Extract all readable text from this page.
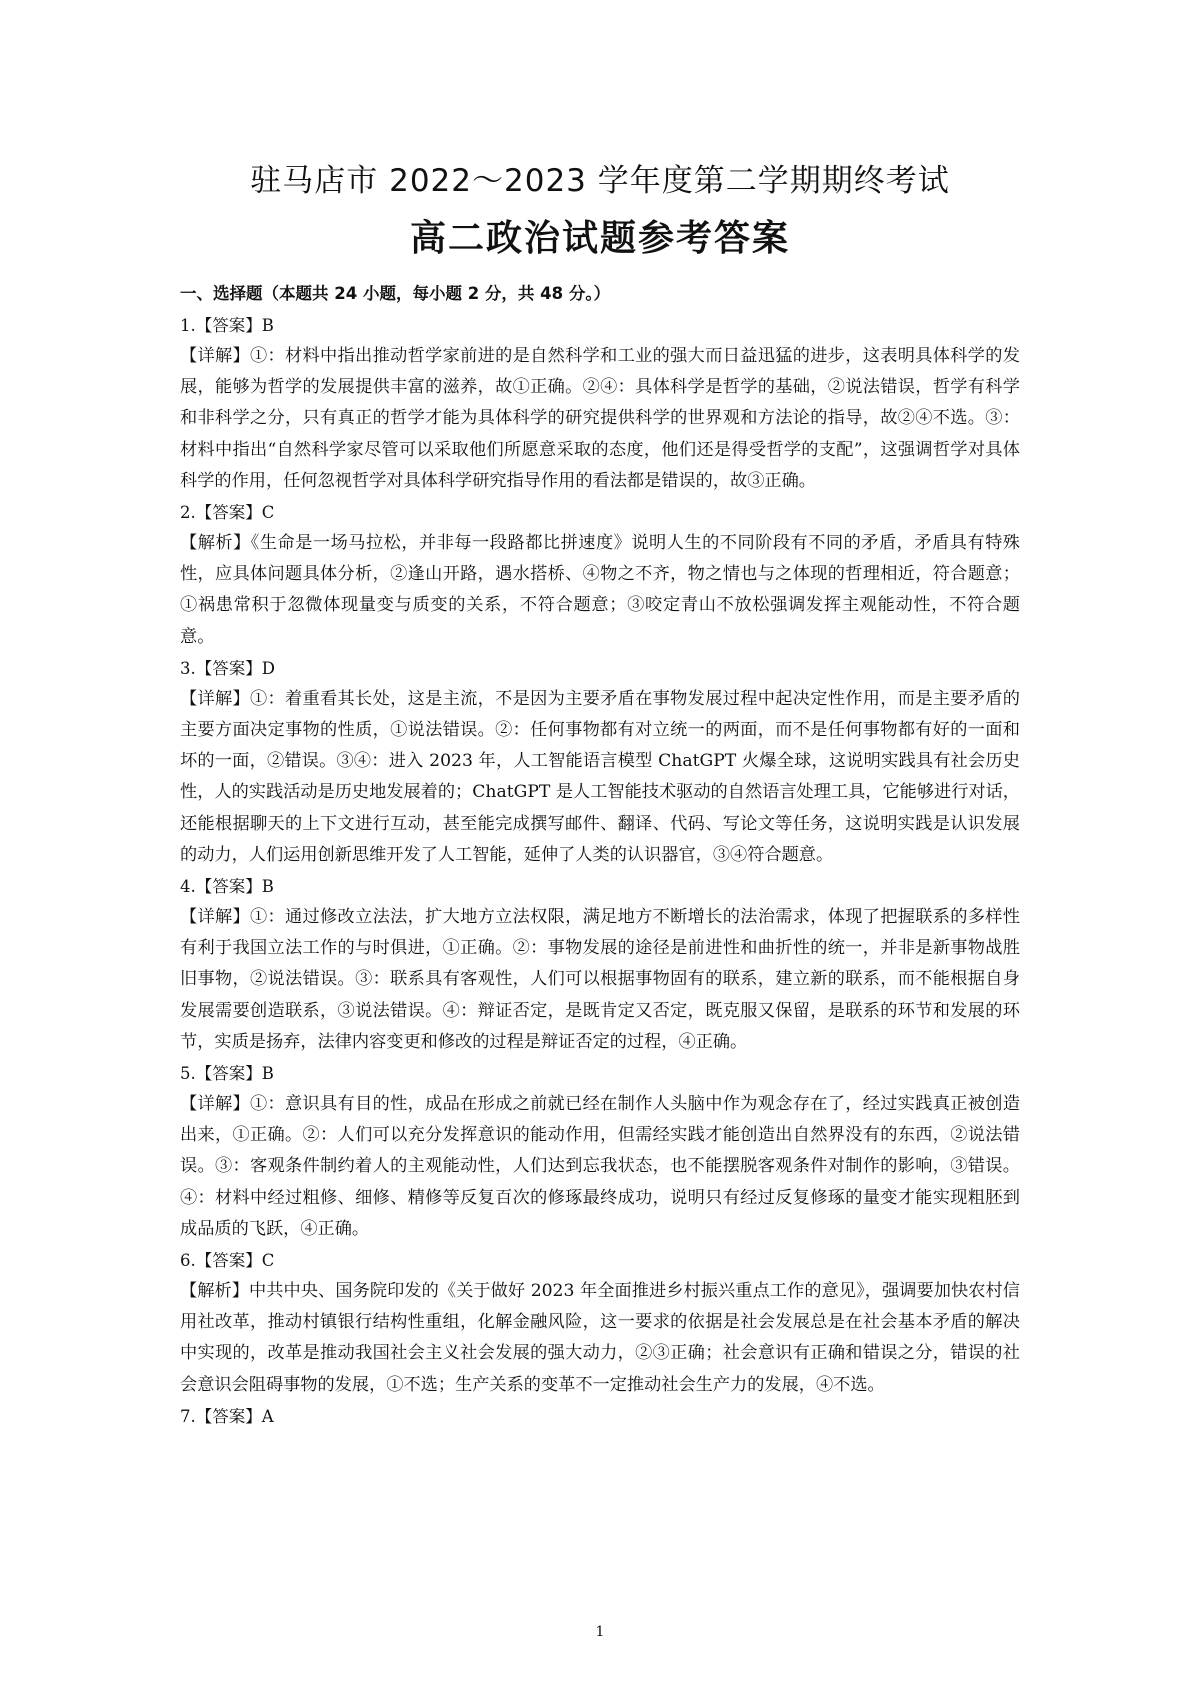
驻马店市 2022～2023 学年度第二学期期终考试
高二政治试题参考答案

一、选择题（本题共 24 小题，每小题 2 分，共 48 分。）

1.【答案】B

【详解】①：材料中指出推动哲学家前进的是自然科学和工业的强大而日益迅猛的进步，这表明具体科学的发展，能够为哲学的发展提供丰富的滋养，故①正确。②④：具体科学是哲学的基础，②说法错误，哲学有科学和非科学之分，只有真正的哲学才能为具体科学的研究提供科学的世界观和方法论的指导，故②④不选。③：材料中指出“自然科学家尽管可以采取他们所愿意采取的态度，他们还是得受哲学的支配”，这强调哲学对具体科学的作用，任何忽视哲学对具体科学研究指导作用的看法都是错误的，故③正确。

2.【答案】C

【解析】《生命是一场马拉松，并非每一段路都比拼速度》说明人生的不同阶段有不同的矛盾，矛盾具有特殊性，应具体问题具体分析，②逢山开路，遇水搭桥、④物之不齐，物之情也与之体现的哲理相近，符合题意；①祸患常积于忽微体现量变与质变的关系，不符合题意；③咬定青山不放松强调发挥主观能动性，不符合题意。

3.【答案】D

【详解】①：着重看其长处，这是主流，不是因为主要矛盾在事物发展过程中起决定性作用，而是主要矛盾的主要方面决定事物的性质，①说法错误。②：任何事物都有对立统一的两面，而不是任何事物都有好的一面和坏的一面，②错误。③④：进入 2023 年，人工智能语言模型 ChatGPT 火爆全球，这说明实践具有社会历史性，人的实践活动是历史地发展着的；ChatGPT 是人工智能技术驱动的自然语言处理工具，它能够进行对话，还能根据聊天的上下文进行互动，甚至能完成撰写邮件、翻译、代码、写论文等任务，这说明实践是认识发展的动力，人们运用创新思维开发了人工智能，延伸了人类的认识器官，③④符合题意。

4.【答案】B

【详解】①：通过修改立法法，扩大地方立法权限，满足地方不断增长的法治需求，体现了把握联系的多样性有利于我国立法工作的与时俱进，①正确。②：事物发展的途径是前进性和曲折性的统一，并非是新事物战胜旧事物，②说法错误。③：联系具有客观性，人们可以根据事物固有的联系，建立新的联系，而不能根据自身发展需要创造联系，③说法错误。④：辩证否定，是既肯定又否定，既克服又保留，是联系的环节和发展的环节，实质是扬弃，法律内容变更和修改的过程是辩证否定的过程，④正确。

5.【答案】B

【详解】①：意识具有目的性，成品在形成之前就已经在制作人头脑中作为观念存在了，经过实践真正被创造出来，①正确。②：人们可以充分发挥意识的能动作用，但需经实践才能创造出自然界没有的东西，②说法错误。③：客观条件制约着人的主观能动性，人们达到忘我状态，也不能摆脱客观条件对制作的影响，③错误。④：材料中经过粗修、细修、精修等反复百次的修琢最终成功，说明只有经过反复修琢的量变才能实现粗胚到成品质的飞跃，④正确。

6.【答案】C

【解析】中共中央、国务院印发的《关于做好 2023 年全面推进乡村振兴重点工作的意见》，强调要加快农村信用社改革，推动村镇银行结构性重组，化解金融风险，这一要求的依据是社会发展总是在社会基本矛盾的解决中实现的，改革是推动我国社会主义社会发展的强大动力，②③正确；社会意识有正确和错误之分，错误的社会意识会阻碍事物的发展，①不选；生产关系的变革不一定推动社会生产力的发展，④不选。

7.【答案】A

1
